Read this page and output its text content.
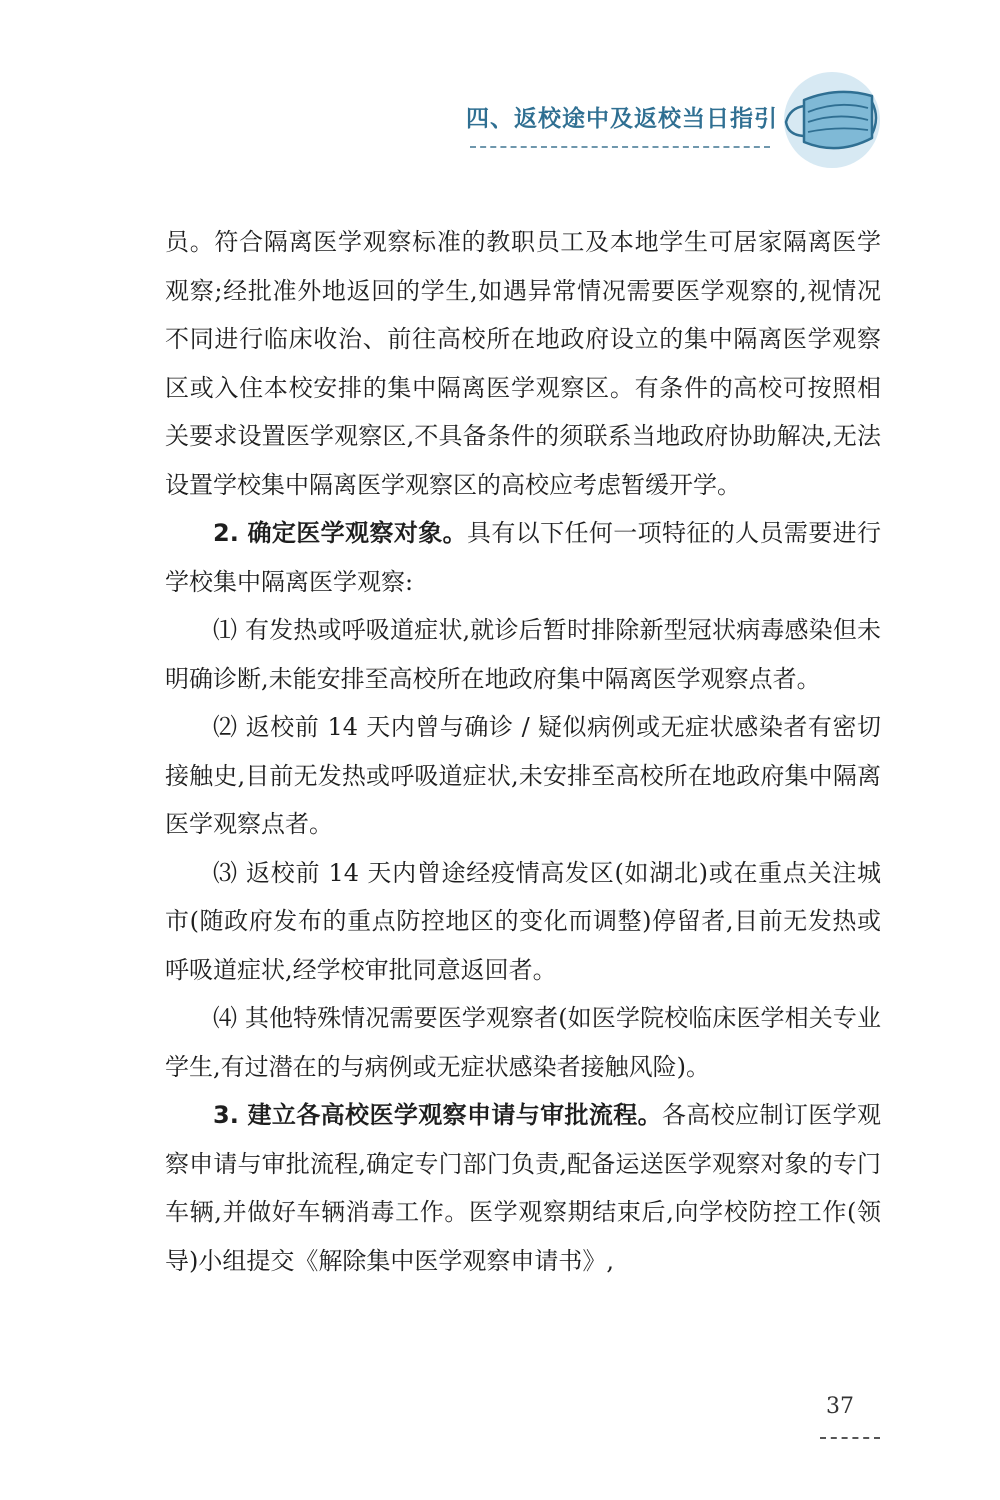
四、返校途中及返校当日指引

员。符合隔离医学观察标准的教职员工及本地学生可居家隔离医学观察;经批准外地返回的学生,如遇异常情况需要医学观察的,视情况不同进行临床收治、前往高校所在地政府设立的集中隔离医学观察区或入住本校安排的集中隔离医学观察区。有条件的高校可按照相关要求设置医学观察区,不具备条件的须联系当地政府协助解决,无法设置学校集中隔离医学观察区的高校应考虑暂缓开学。

2. 确定医学观察对象。具有以下任何一项特征的人员需要进行学校集中隔离医学观察:

⑴ 有发热或呼吸道症状,就诊后暂时排除新型冠状病毒感染但未明确诊断,未能安排至高校所在地政府集中隔离医学观察点者。

⑵ 返校前 14 天内曾与确诊 / 疑似病例或无症状感染者有密切接触史,目前无发热或呼吸道症状,未安排至高校所在地政府集中隔离医学观察点者。

⑶ 返校前 14 天内曾途经疫情高发区(如湖北)或在重点关注城市(随政府发布的重点防控地区的变化而调整)停留者,目前无发热或呼吸道症状,经学校审批同意返回者。

⑷ 其他特殊情况需要医学观察者(如医学院校临床医学相关专业学生,有过潜在的与病例或无症状感染者接触风险)。

3. 建立各高校医学观察申请与审批流程。各高校应制订医学观察申请与审批流程,确定专门部门负责,配备运送医学观察对象的专门车辆,并做好车辆消毒工作。医学观察期结束后,向学校防控工作(领导)小组提交《解除集中医学观察申请书》,

37
